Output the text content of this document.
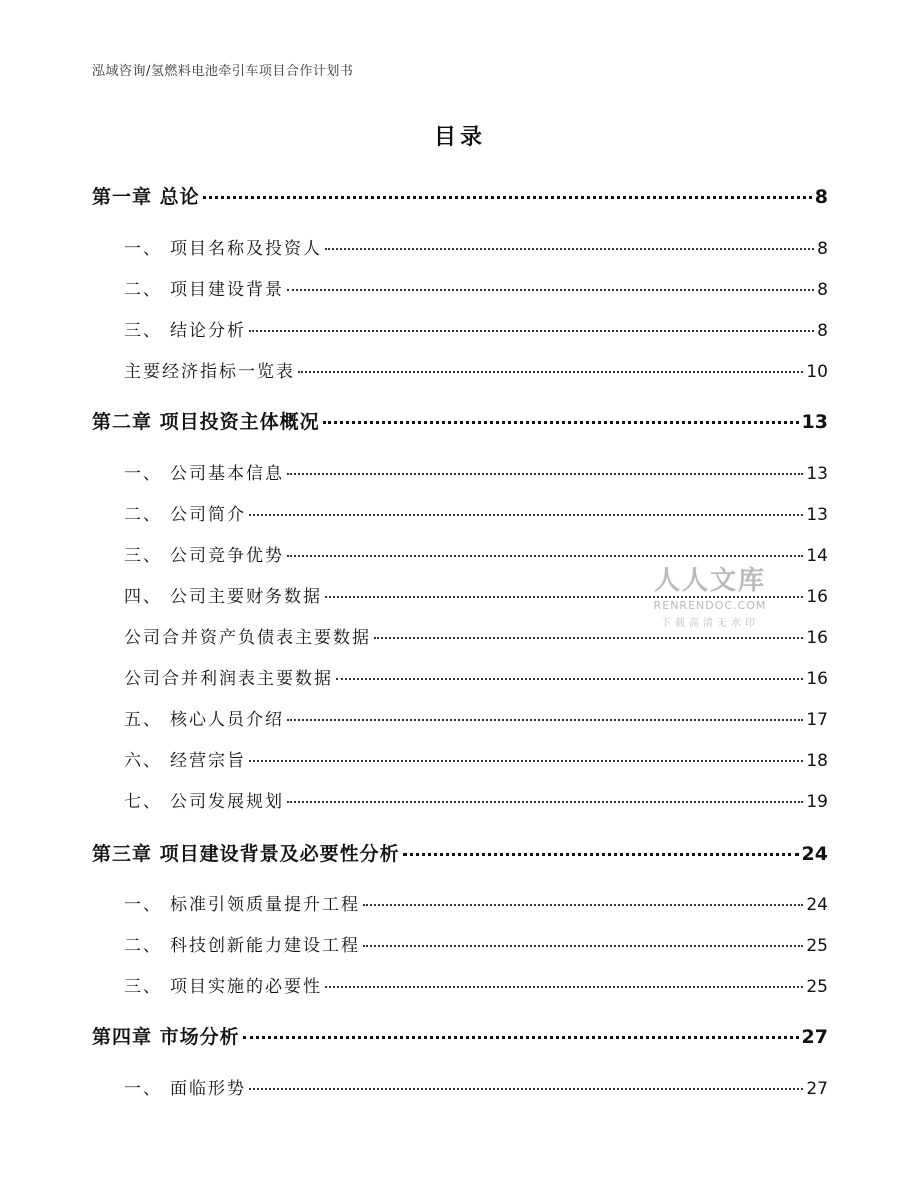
泓域咨询/氢燃料电池牵引车项目合作计划书
目录
第一章 总论	8
一、 项目名称及投资人	8
二、 项目建设背景	8
三、 结论分析	8
主要经济指标一览表	10
第二章 项目投资主体概况	13
一、 公司基本信息	13
二、 公司简介	13
三、 公司竞争优势	14
四、 公司主要财务数据	16
公司合并资产负债表主要数据	16
公司合并利润表主要数据	16
五、 核心人员介绍	17
六、 经营宗旨	18
七、 公司发展规划	19
第三章 项目建设背景及必要性分析	24
一、 标准引领质量提升工程	24
二、 科技创新能力建设工程	25
三、 项目实施的必要性	25
第四章 市场分析	27
一、 面临形势	27
人人文库
RENRENDOC.COM
下载高清无水印
